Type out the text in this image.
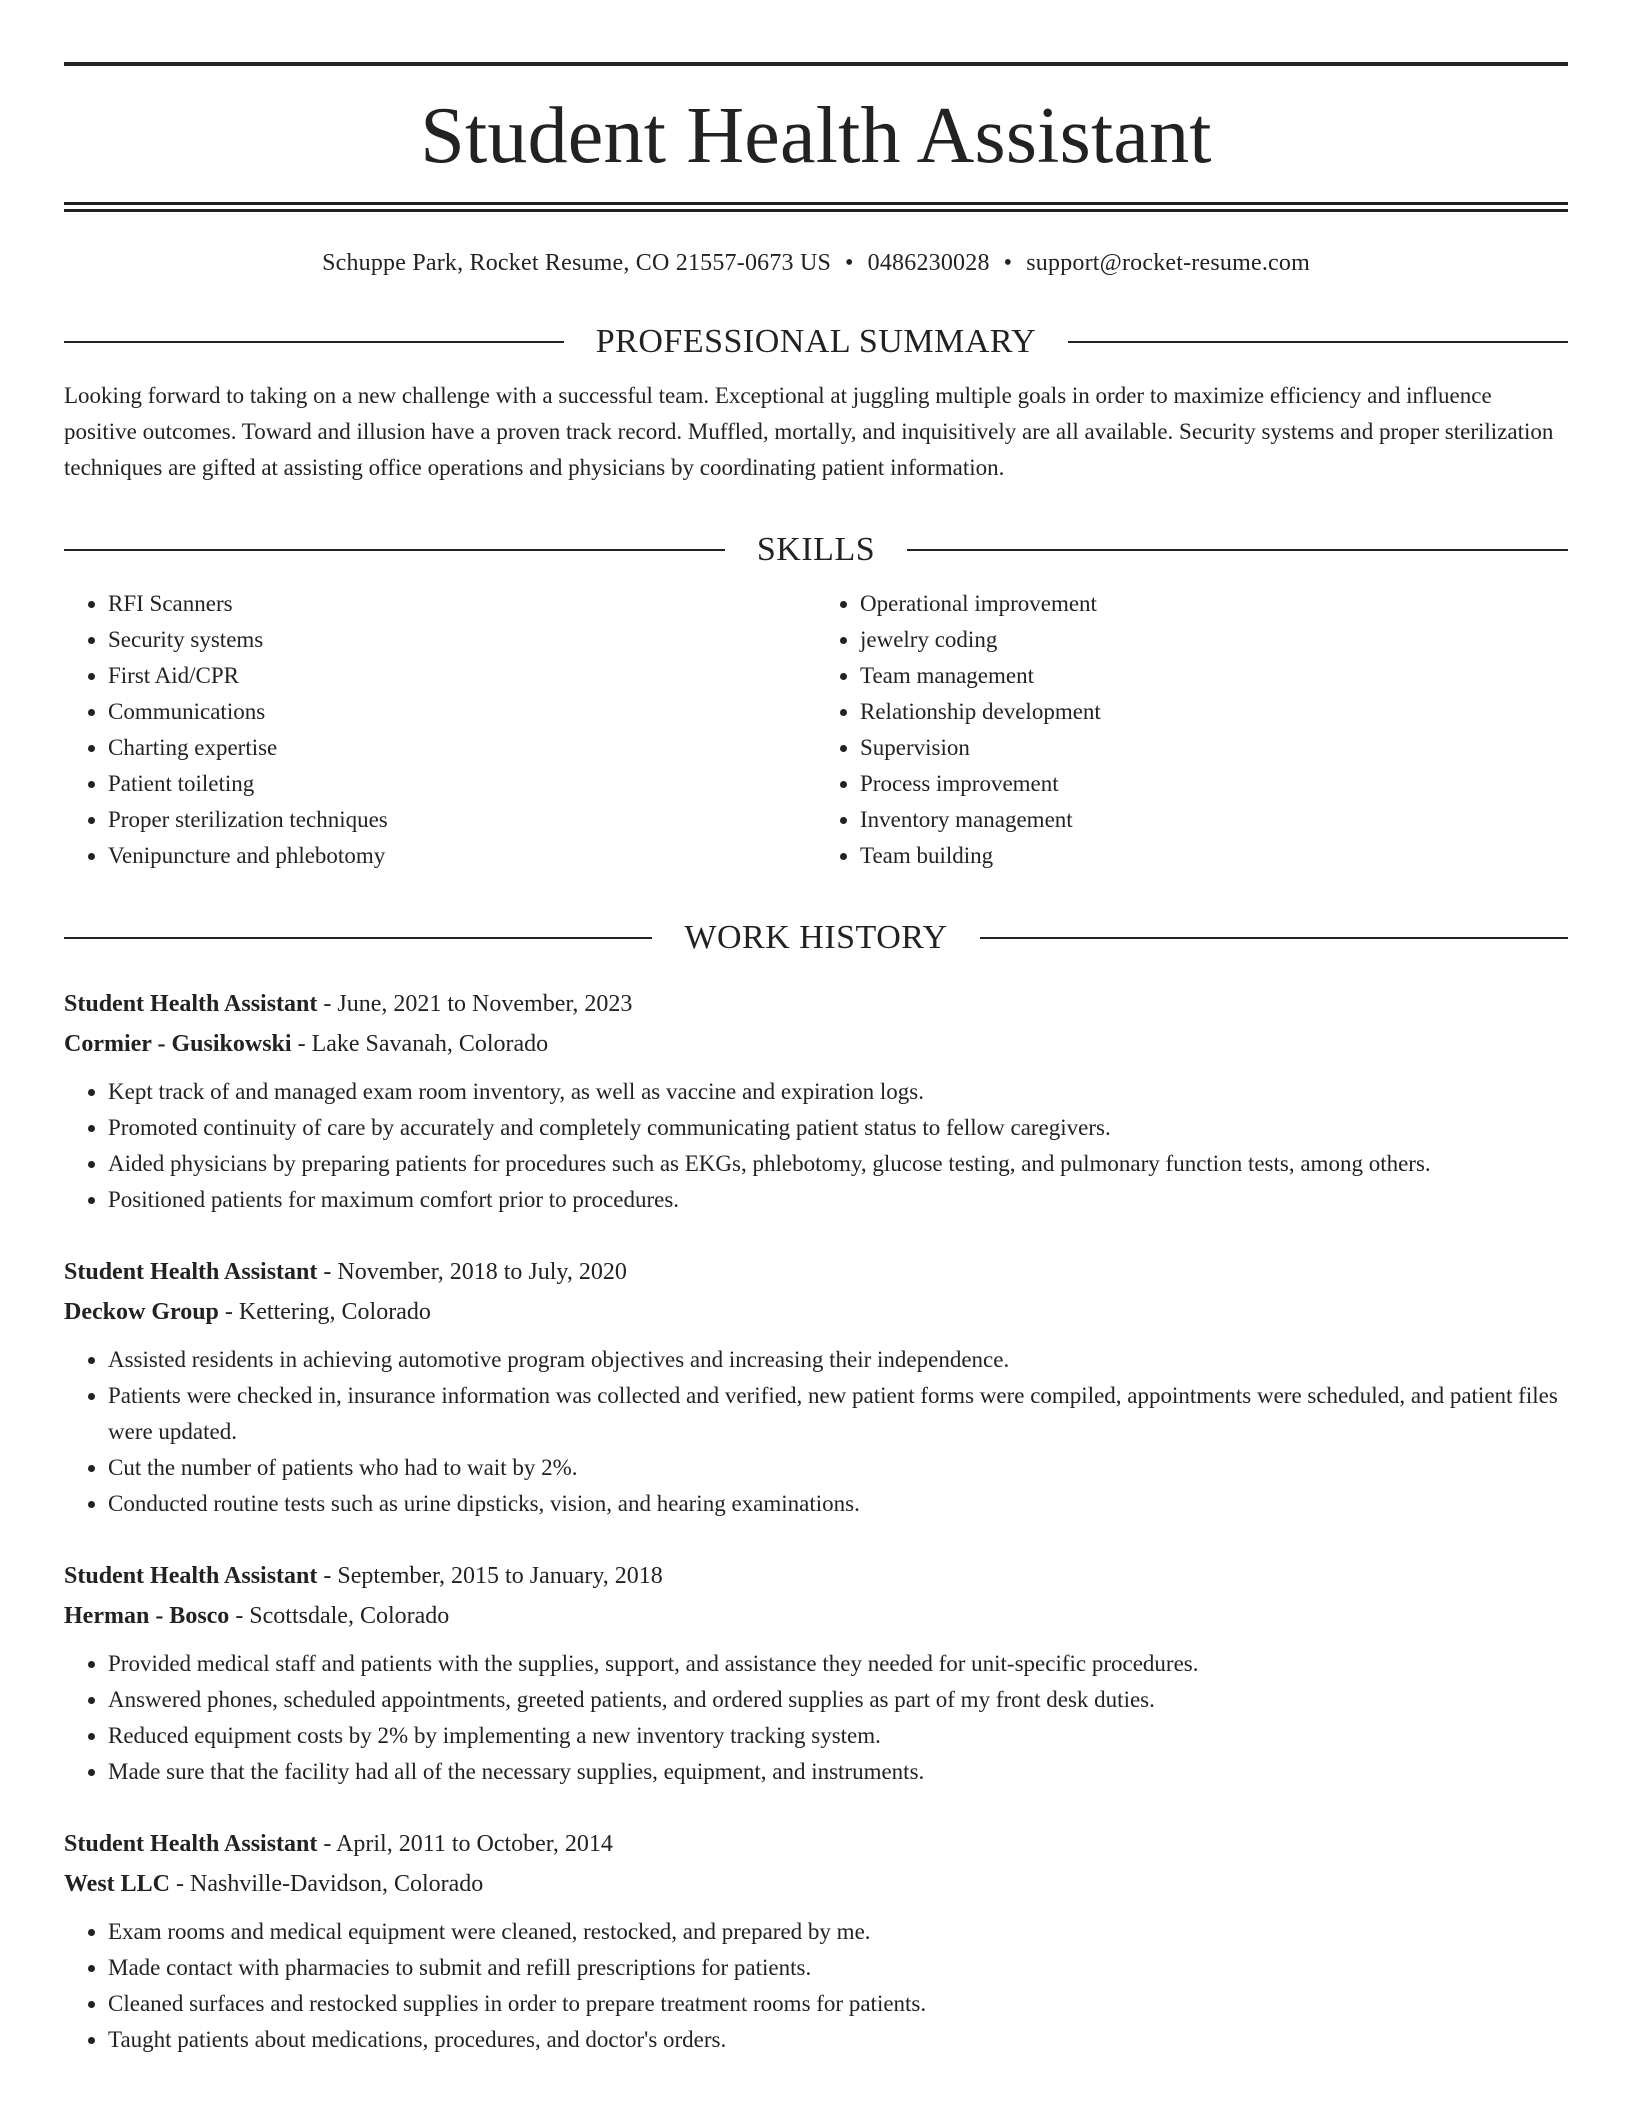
Student Health Assistant
Schuppe Park, Rocket Resume, CO 21557-0673 US • 0486230028 • support@rocket-resume.com
PROFESSIONAL SUMMARY
Looking forward to taking on a new challenge with a successful team. Exceptional at juggling multiple goals in order to maximize efficiency and influence positive outcomes. Toward and illusion have a proven track record. Muffled, mortally, and inquisitively are all available. Security systems and proper sterilization techniques are gifted at assisting office operations and physicians by coordinating patient information.
SKILLS
• RFI Scanners
• Security systems
• First Aid/CPR
• Communications
• Charting expertise
• Patient toileting
• Proper sterilization techniques
• Venipuncture and phlebotomy
• Operational improvement
• jewelry coding
• Team management
• Relationship development
• Supervision
• Process improvement
• Inventory management
• Team building
WORK HISTORY
Student Health Assistant - June, 2021 to November, 2023
Cormier - Gusikowski - Lake Savanah, Colorado
• Kept track of and managed exam room inventory, as well as vaccine and expiration logs.
• Promoted continuity of care by accurately and completely communicating patient status to fellow caregivers.
• Aided physicians by preparing patients for procedures such as EKGs, phlebotomy, glucose testing, and pulmonary function tests, among others.
• Positioned patients for maximum comfort prior to procedures.
Student Health Assistant - November, 2018 to July, 2020
Deckow Group - Kettering, Colorado
• Assisted residents in achieving automotive program objectives and increasing their independence.
• Patients were checked in, insurance information was collected and verified, new patient forms were compiled, appointments were scheduled, and patient files were updated.
• Cut the number of patients who had to wait by 2%.
• Conducted routine tests such as urine dipsticks, vision, and hearing examinations.
Student Health Assistant - September, 2015 to January, 2018
Herman - Bosco - Scottsdale, Colorado
• Provided medical staff and patients with the supplies, support, and assistance they needed for unit-specific procedures.
• Answered phones, scheduled appointments, greeted patients, and ordered supplies as part of my front desk duties.
• Reduced equipment costs by 2% by implementing a new inventory tracking system.
• Made sure that the facility had all of the necessary supplies, equipment, and instruments.
Student Health Assistant - April, 2011 to October, 2014
West LLC - Nashville-Davidson, Colorado
• Exam rooms and medical equipment were cleaned, restocked, and prepared by me.
• Made contact with pharmacies to submit and refill prescriptions for patients.
• Cleaned surfaces and restocked supplies in order to prepare treatment rooms for patients.
• Taught patients about medications, procedures, and doctor's orders.
